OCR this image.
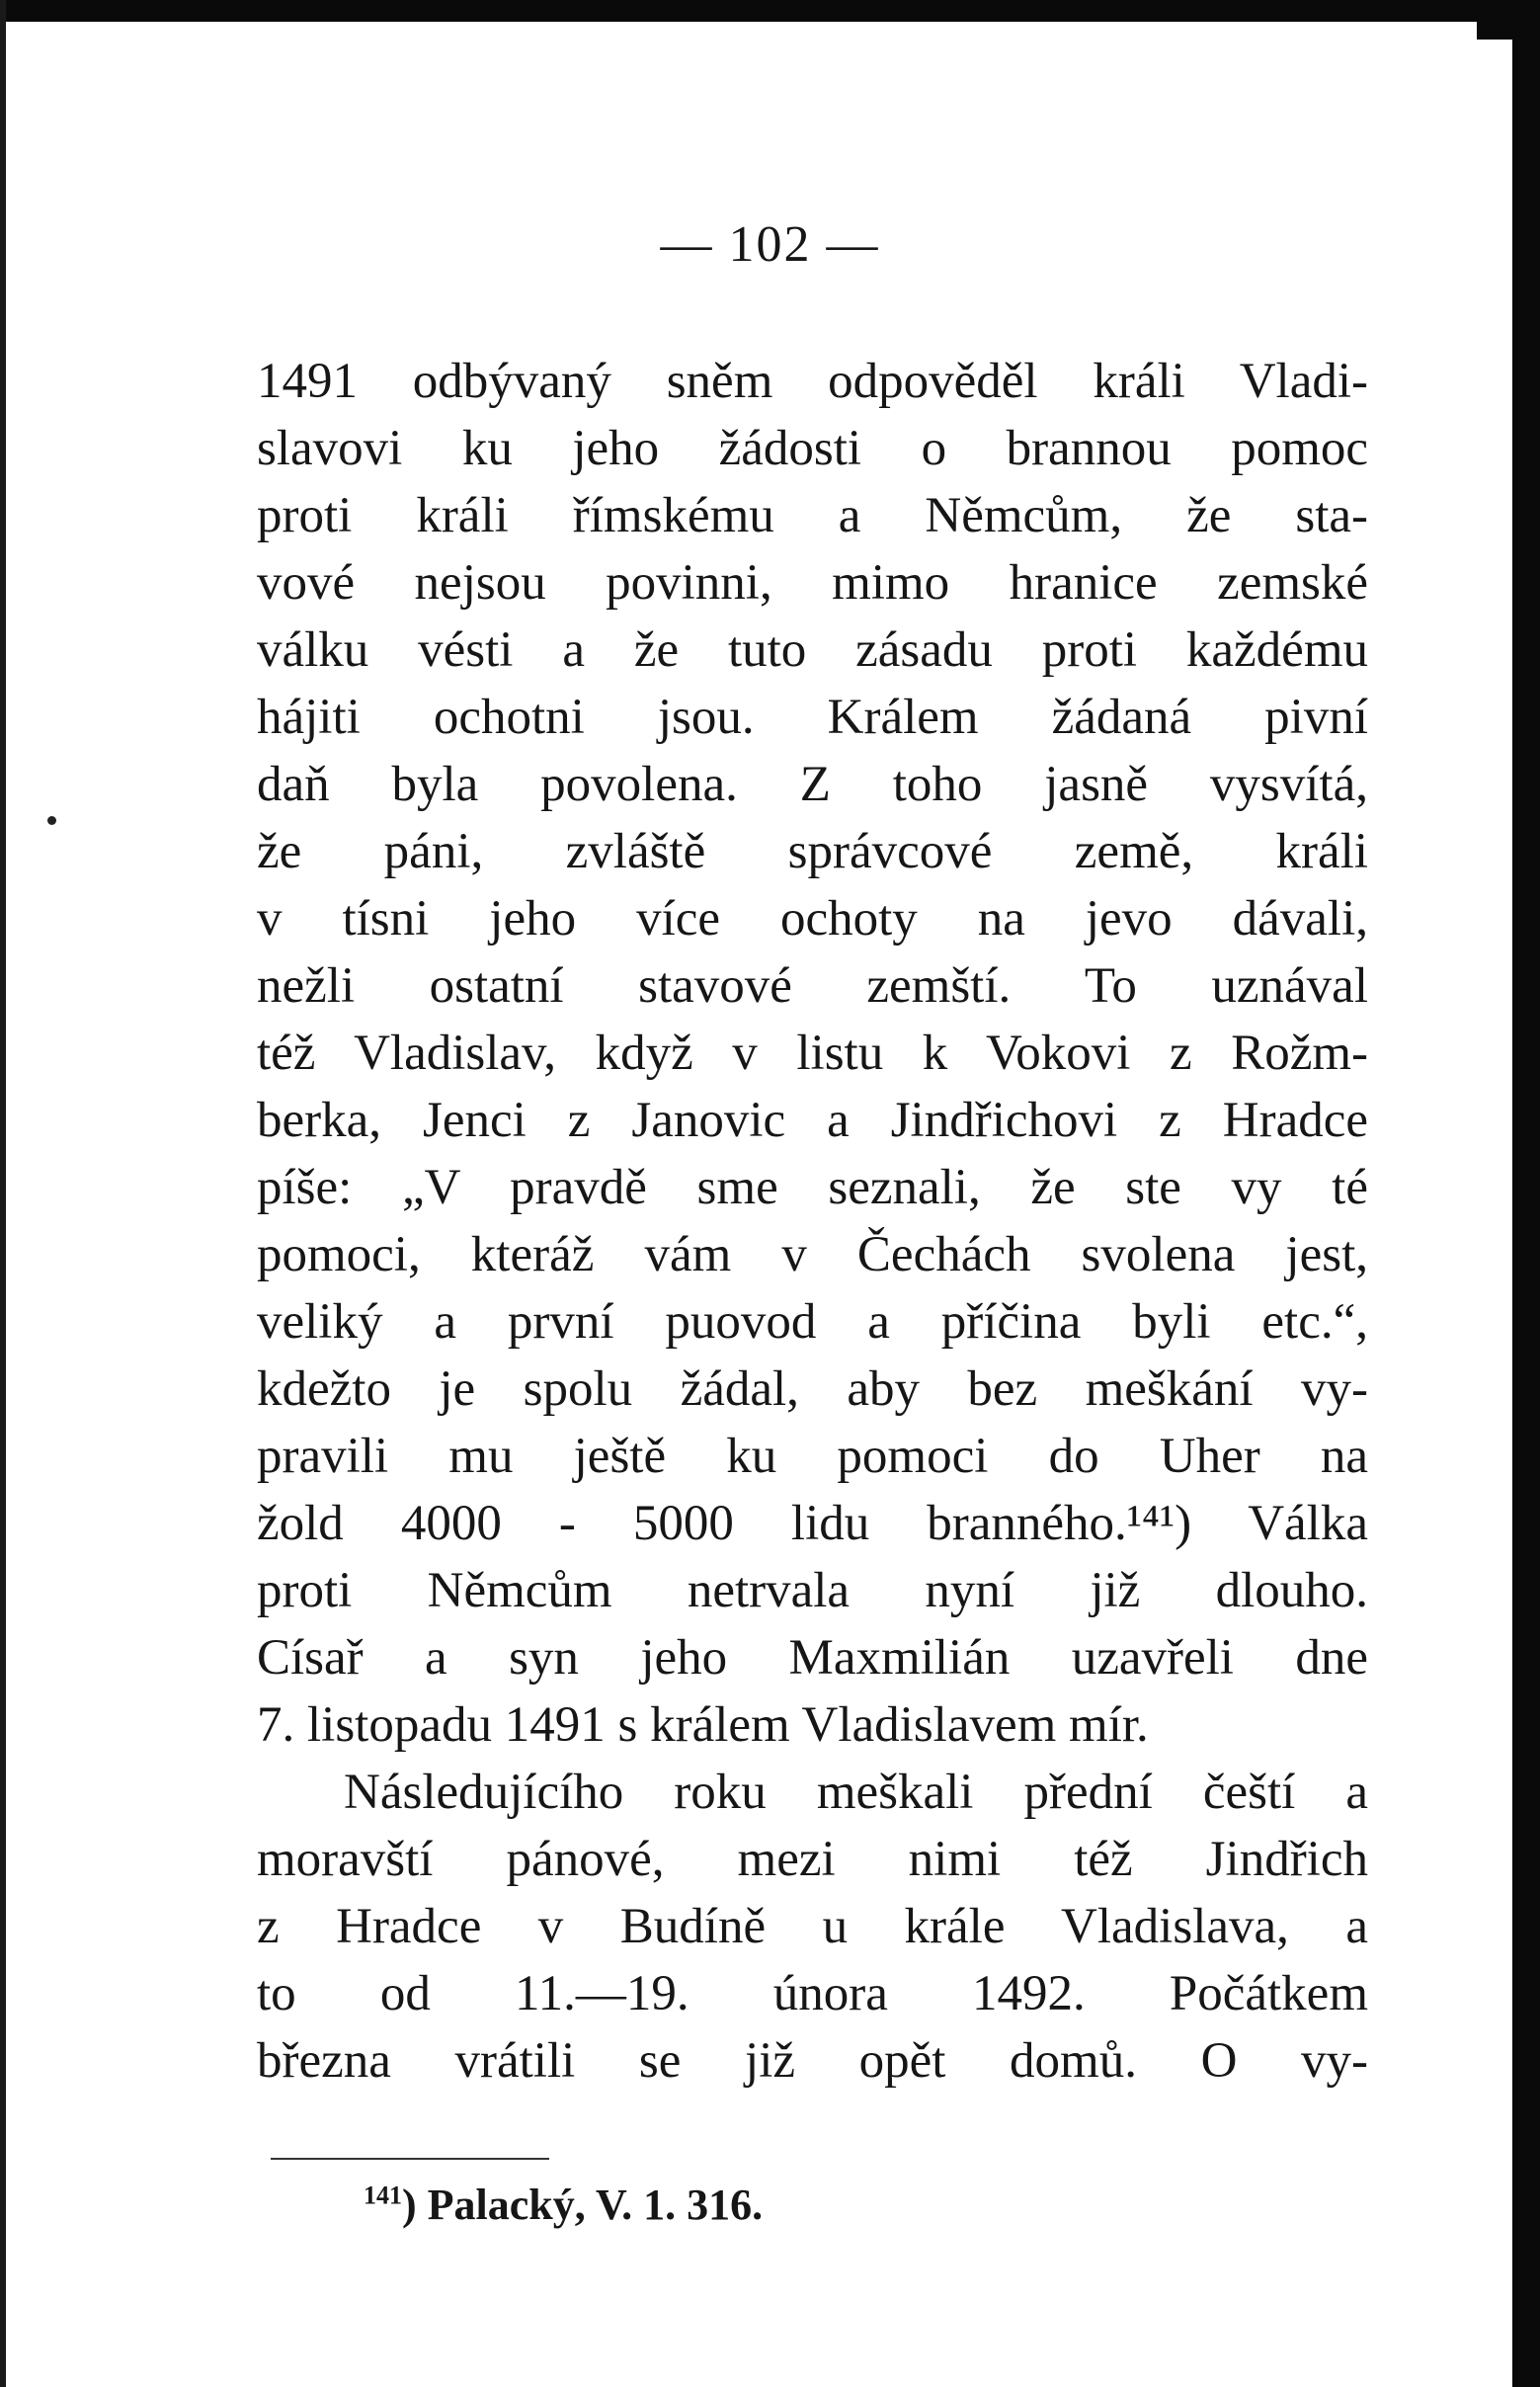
— 102 —
1491 odbývaný sněm odpověděl králi Vladi-
slavovi ku jeho žádosti o brannou pomoc
proti králi římskému a Němcům, že sta-
vové nejsou povinni, mimo hranice zemské
válku vésti a že tuto zásadu proti každému
hájiti ochotni jsou. Králem žádaná pivní
daň byla povolena. Z toho jasně vysvítá,
že páni, zvláště správcové země, králi
v tísni jeho více ochoty na jevo dávali,
nežli ostatní stavové zemští. To uznával
též Vladislav, když v listu k Vokovi z Rožm-
berka, Jenci z Janovic a Jindřichovi z Hradce
píše: „V pravdě sme seznali, že ste vy té
pomoci, kteráž vám v Čechách svolena jest,
veliký a první puovod a příčina byli etc.“,
kdežto je spolu žádal, aby bez meškání vy-
pravili mu ještě ku pomoci do Uher na
žold 4000 - 5000 lidu branného.¹⁴¹) Válka
proti Němcům netrvala nyní již dlouho.
Císař a syn jeho Maxmilián uzavřeli dne
7. listopadu 1491 s králem Vladislavem mír.
Následujícího roku meškali přední čeští a
moravští pánové, mezi nimi též Jindřich
z Hradce v Budíně u krále Vladislava, a
to od 11.—19. února 1492. Počátkem
března vrátili se již opět domů. O vy-
$^{141}$) Palacký, V. 1. 316.
